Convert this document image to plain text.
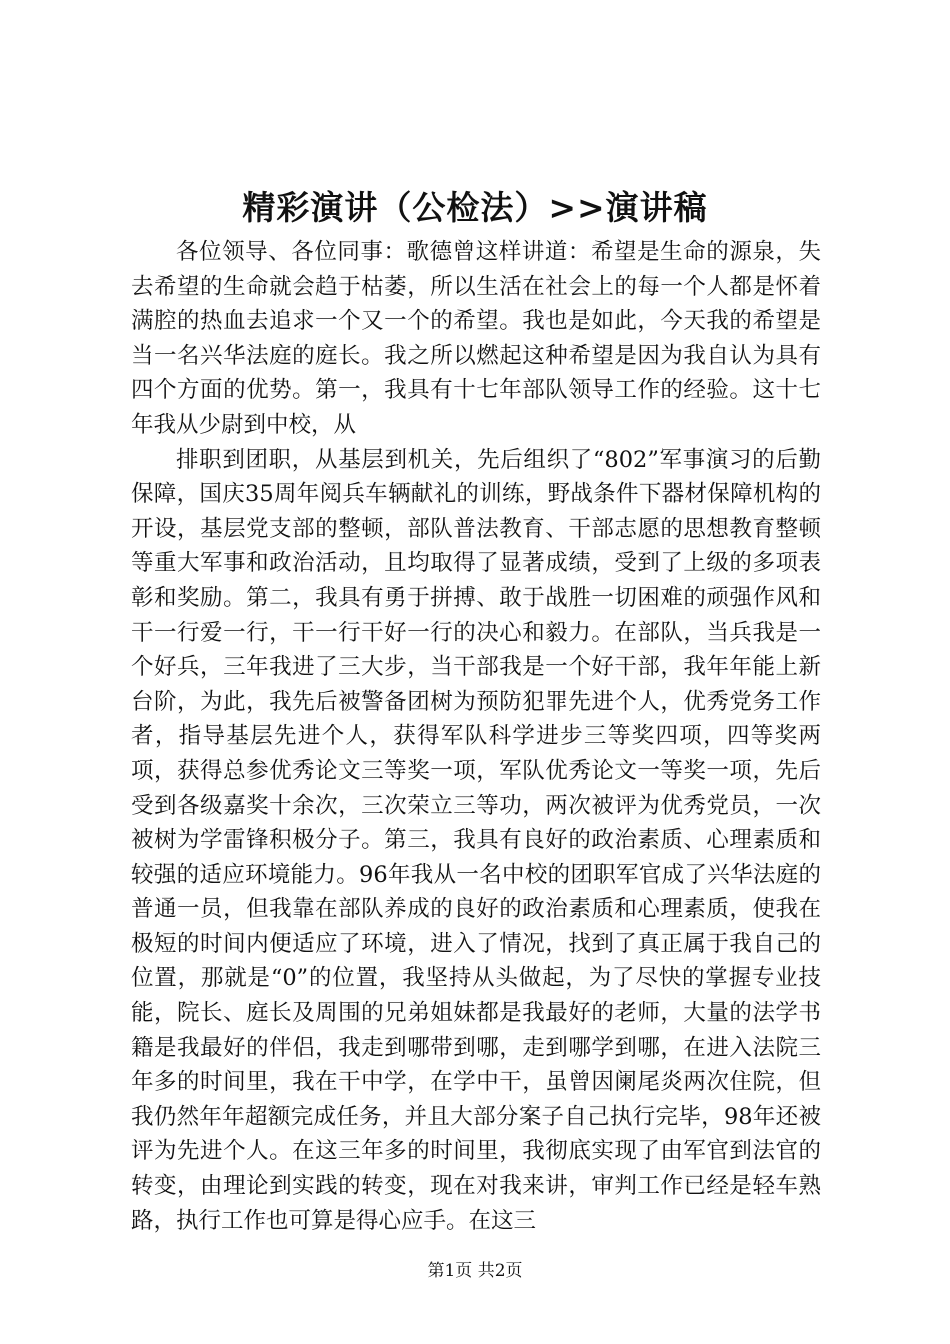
精彩演讲（公检法）>>演讲稿

各位领导、各位同事：歌德曾这样讲道：希望是生命的源泉，失去希望的生命就会趋于枯萎，所以生活在社会上的每一个人都是怀着满腔的热血去追求一个又一个的希望。我也是如此，今天我的希望是当一名兴华法庭的庭长。我之所以燃起这种希望是因为我自认为具有四个方面的优势。第一，我具有十七年部队领导工作的经验。这十七年我从少尉到中校，从

排职到团职，从基层到机关，先后组织了“802”军事演习的后勤保障，国庆35周年阅兵车辆献礼的训练，野战条件下器材保障机构的开设，基层党支部的整顿，部队普法教育、干部志愿的思想教育整顿等重大军事和政治活动，且均取得了显著成绩，受到了上级的多项表彰和奖励。第二，我具有勇于拼搏、敢于战胜一切困难的顽强作风和干一行爱一行，干一行干好一行的决心和毅力。在部队，当兵我是一个好兵，三年我进了三大步，当干部我是一个好干部，我年年能上新台阶，为此，我先后被警备团树为预防犯罪先进个人，优秀党务工作者，指导基层先进个人，获得军队科学进步三等奖四项，四等奖两项，获得总参优秀论文三等奖一项，军队优秀论文一等奖一项，先后受到各级嘉奖十余次，三次荣立三等功，两次被评为优秀党员，一次被树为学雷锋积极分子。第三，我具有良好的政治素质、心理素质和较强的适应环境能力。96年我从一名中校的团职军官成了兴华法庭的普通一员，但我靠在部队养成的良好的政治素质和心理素质，使我在极短的时间内便适应了环境，进入了情况，找到了真正属于我自己的位置，那就是“0”的位置，我坚持从头做起，为了尽快的掌握专业技能，院长、庭长及周围的兄弟姐妹都是我最好的老师，大量的法学书籍是我最好的伴侣，我走到哪带到哪，走到哪学到哪，在进入法院三年多的时间里，我在干中学，在学中干，虽曾因阑尾炎两次住院，但我仍然年年超额完成任务，并且大部分案子自己执行完毕，98年还被评为先进个人。在这三年多的时间里，我彻底实现了由军官到法官的转变，由理论到实践的转变，现在对我来讲，审判工作已经是轻车熟路，执行工作也可算是得心应手。在这三

第1页 共2页
